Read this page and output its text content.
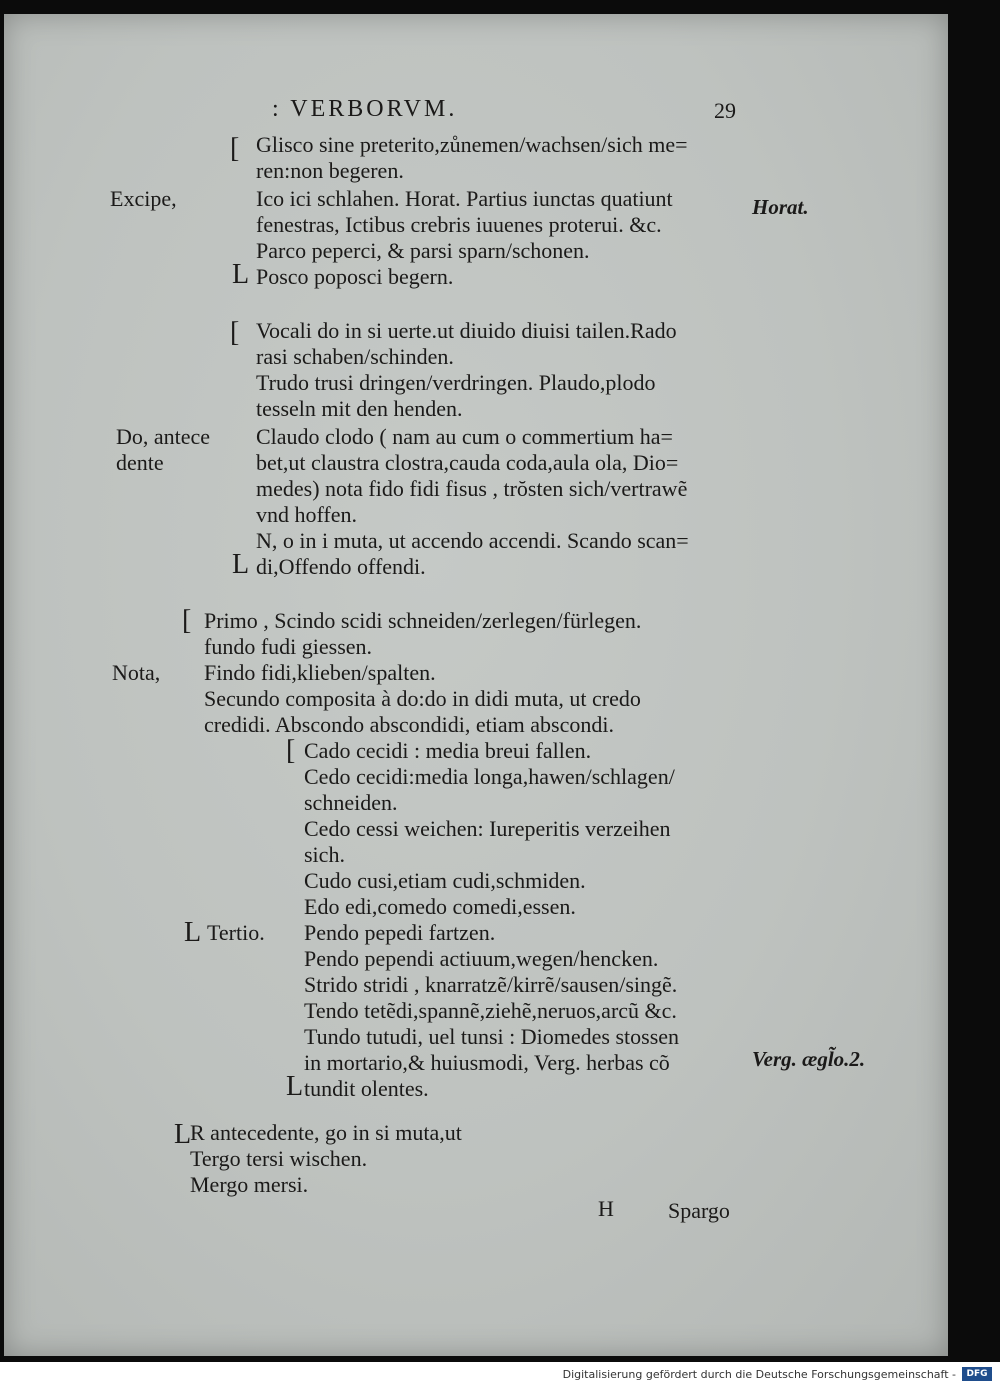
: VERBORVM.	29
Excipe,	Horat.
Do, antece
dente
Nota,
Tertio.
Verg. ægl̃o.2.
[
L
[
L
[
L
[
L
L
Glisco sine preterito,zůnemen/wachsen/sich me=
ren:non begeren.
Ico ici schlahen. Horat. Partius iunctas quatiunt
fenestras, Ictibus crebris iuuenes proterui. &c.
Parco peperci, & parsi sparn/schonen.
Posco poposci begern.
Vocali do in si uerte.ut diuido diuisi tailen.Rado
rasi schaben/schinden.
Trudo trusi dringen/verdringen. Plaudo,plodo
tesseln mit den henden.
Claudo clodo ( nam au cum o commertium ha=
bet,ut claustra clostra,cauda coda,aula ola, Dio=
medes) nota fido fidi fisus , trŏsten sich/vertrawẽ
vnd hoffen.
N, o in i muta, ut accendo accendi. Scando scan=
di,Offendo offendi.
Primo , Scindo scidi schneiden/zerlegen/fürlegen.
fundo fudi giessen.
Findo fidi,klieben/spalten.
Secundo composita à do:do in didi muta, ut credo
credidi. Abscondo abscondidi, etiam abscondi.
Cado cecidi : media breui fallen.
Cedo cecidi:media longa,hawen/schlagen/
schneiden.
Cedo cessi weichen: Iureperitis verzeihen
sich.
Cudo cusi,etiam cudi,schmiden.
Edo edi,comedo comedi,essen.
Pendo pepedi fartzen.
Pendo pependi actiuum,wegen/hencken.
Strido stridi , knarratzẽ/kirrẽ/sausen/singẽ.
Tendo tetẽdi,spannẽ,ziehẽ,neruos,arcũ &c.
Tundo tutudi, uel tunsi : Diomedes stossen
in mortario,& huiusmodi, Verg. herbas cõ
tundit olentes.
R antecedente, go in si muta,ut
Tergo tersi wischen.
Mergo mersi.
H Spargo
Digitalisierung gefördert durch die Deutsche Forschungsgemeinschaft -	DFG
